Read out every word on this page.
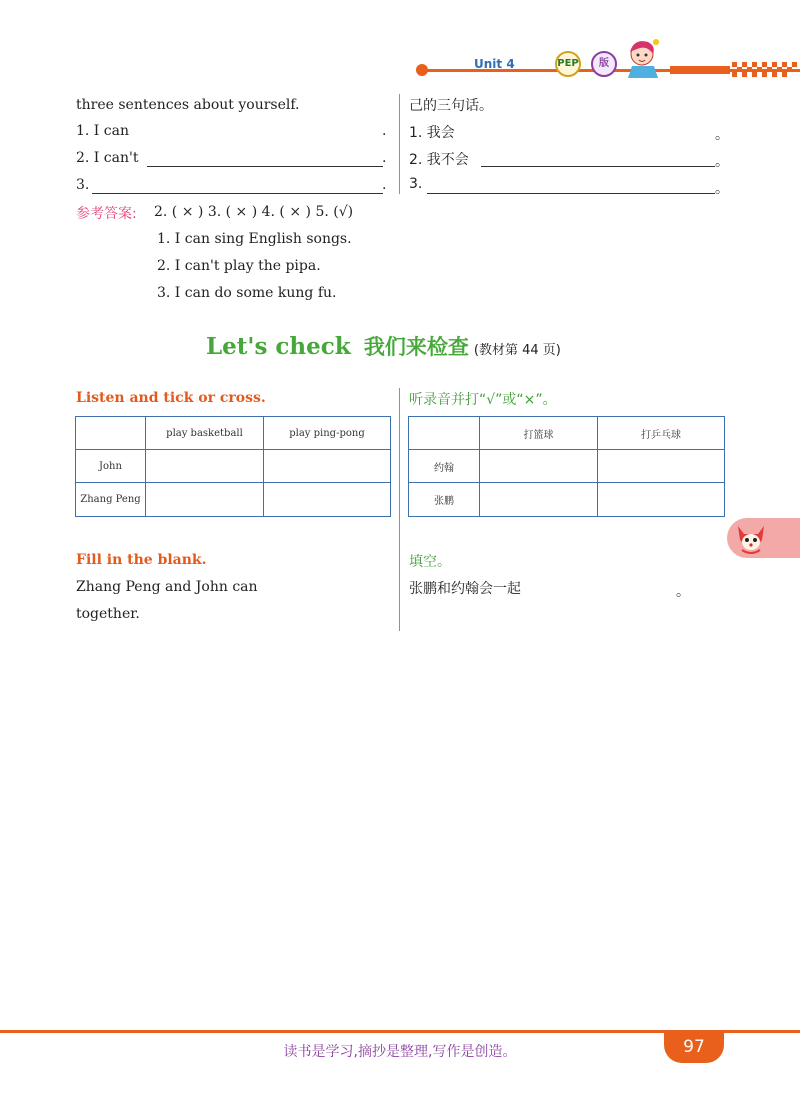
Unit 4	PEP	版
three sentences about yourself.	己的三句话。
1. I can	.
2. I can't	.
3.	.
1. 我会	。
2. 我不会	。
3.	。
参考答案: 2. ( × ) 3. ( × ) 4. ( × ) 5. (√)
1. I can sing English songs.
2. I can't play the pipa.
3. I can do some kung fu.
Let's check 我们来检查 (教材第 44 页)
Listen and tick or cross.	听录音并打“√”或“×”。
	play basketball	play ping-pong
John		
Zhang Peng		
	打篮球	打乒乓球
约翰		
张鹏		
Fill in the blank.	填空。
Zhang Peng and John can
together.
张鹏和约翰会一起	。
读书是学习,摘抄是整理,写作是创造。	97
